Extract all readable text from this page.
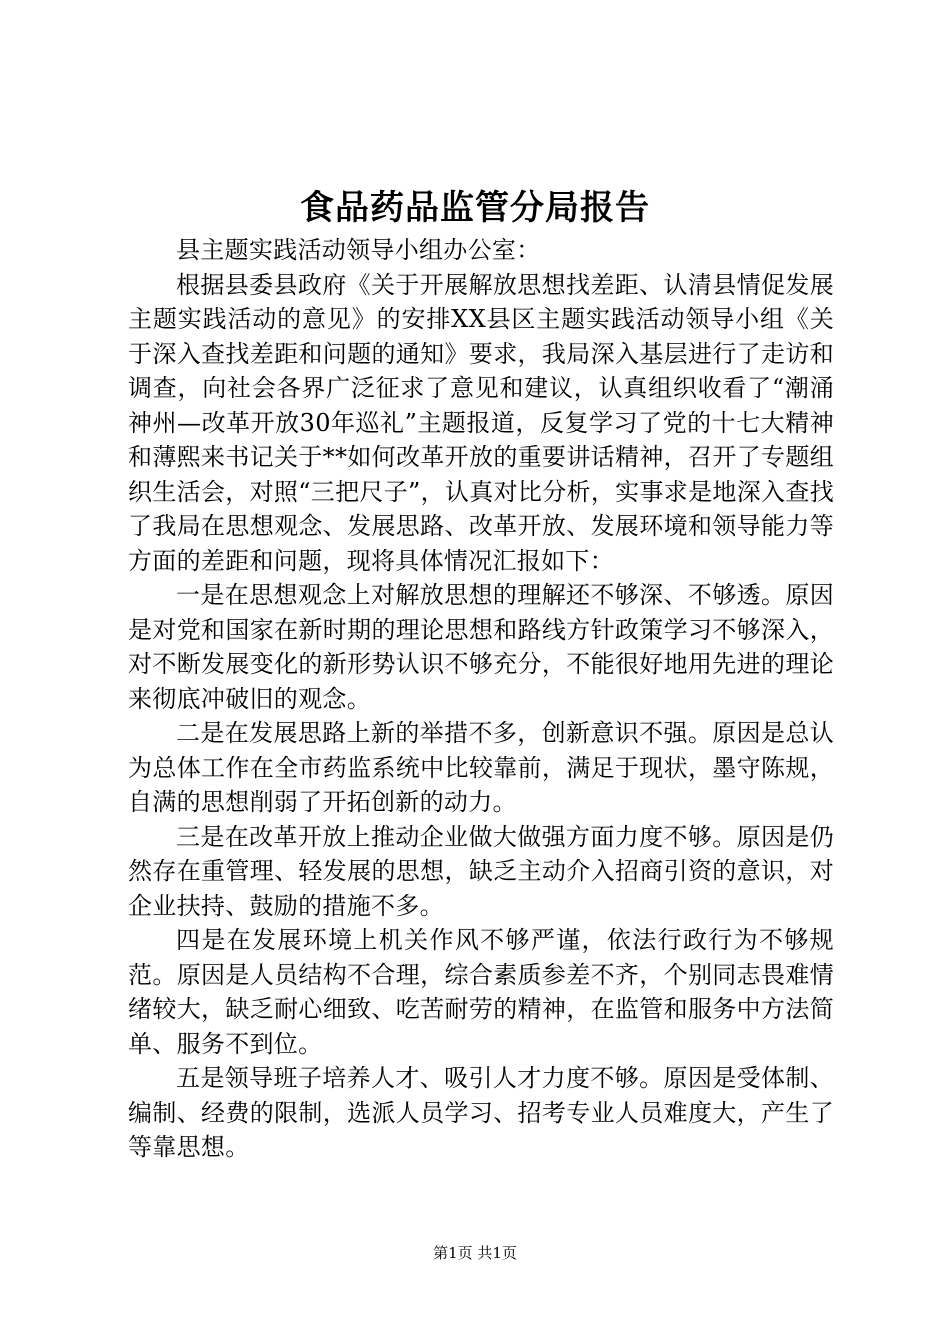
食品药品监管分局报告

县主题实践活动领导小组办公室：

根据县委县政府《关于开展解放思想找差距、认清县情促发展主题实践活动的意见》的安排XX县区主题实践活动领导小组《关于深入查找差距和问题的通知》要求，我局深入基层进行了走访和调查，向社会各界广泛征求了意见和建议，认真组织收看了“潮涌神州—改革开放30年巡礼”主题报道，反复学习了党的十七大精神和薄熙来书记关于**如何改革开放的重要讲话精神，召开了专题组织生活会，对照“三把尺子”，认真对比分析，实事求是地深入查找了我局在思想观念、发展思路、改革开放、发展环境和领导能力等方面的差距和问题，现将具体情况汇报如下：

一是在思想观念上对解放思想的理解还不够深、不够透。原因是对党和国家在新时期的理论思想和路线方针政策学习不够深入，对不断发展变化的新形势认识不够充分，不能很好地用先进的理论来彻底冲破旧的观念。

二是在发展思路上新的举措不多，创新意识不强。原因是总认为总体工作在全市药监系统中比较靠前，满足于现状，墨守陈规，自满的思想削弱了开拓创新的动力。

三是在改革开放上推动企业做大做强方面力度不够。原因是仍然存在重管理、轻发展的思想，缺乏主动介入招商引资的意识，对企业扶持、鼓励的措施不多。

四是在发展环境上机关作风不够严谨，依法行政行为不够规范。原因是人员结构不合理，综合素质参差不齐，个别同志畏难情绪较大，缺乏耐心细致、吃苦耐劳的精神，在监管和服务中方法简单、服务不到位。

五是领导班子培养人才、吸引人才力度不够。原因是受体制、编制、经费的限制，选派人员学习、招考专业人员难度大，产生了等靠思想。

第1页 共1页
